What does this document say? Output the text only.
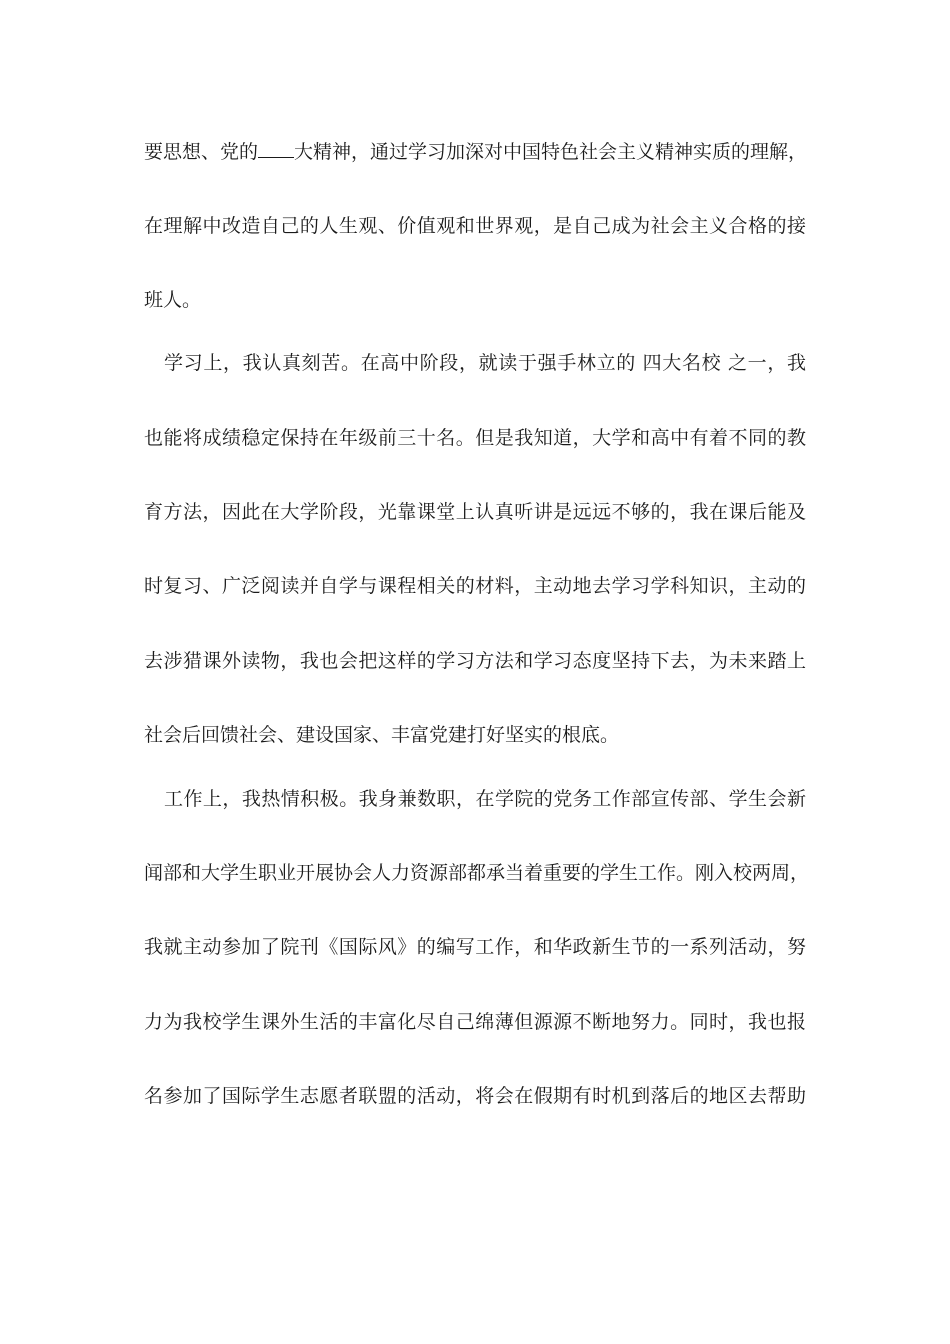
要思想、党的 大精神，通过学习加深对中国特色社会主义精神实质的理解，
在理解中改造自己的人生观、价值观和世界观，是自己成为社会主义合格的接
班人。
学习上，我认真刻苦。在高中阶段，就读于强手林立的 四大名校 之一，我
也能将成绩稳定保持在年级前三十名。但是我知道，大学和高中有着不同的教
育方法，因此在大学阶段，光靠课堂上认真听讲是远远不够的，我在课后能及
时复习、广泛阅读并自学与课程相关的材料，主动地去学习学科知识，主动的
去涉猎课外读物，我也会把这样的学习方法和学习态度坚持下去，为未来踏上
社会后回馈社会、建设国家、丰富党建打好坚实的根底。
工作上，我热情积极。我身兼数职，在学院的党务工作部宣传部、学生会新
闻部和大学生职业开展协会人力资源部都承当着重要的学生工作。刚入校两周，
我就主动参加了院刊《国际风》的编写工作，和华政新生节的一系列活动，努
力为我校学生课外生活的丰富化尽自己绵薄但源源不断地努力。同时，我也报
名参加了国际学生志愿者联盟的活动，将会在假期有时机到落后的地区去帮助
